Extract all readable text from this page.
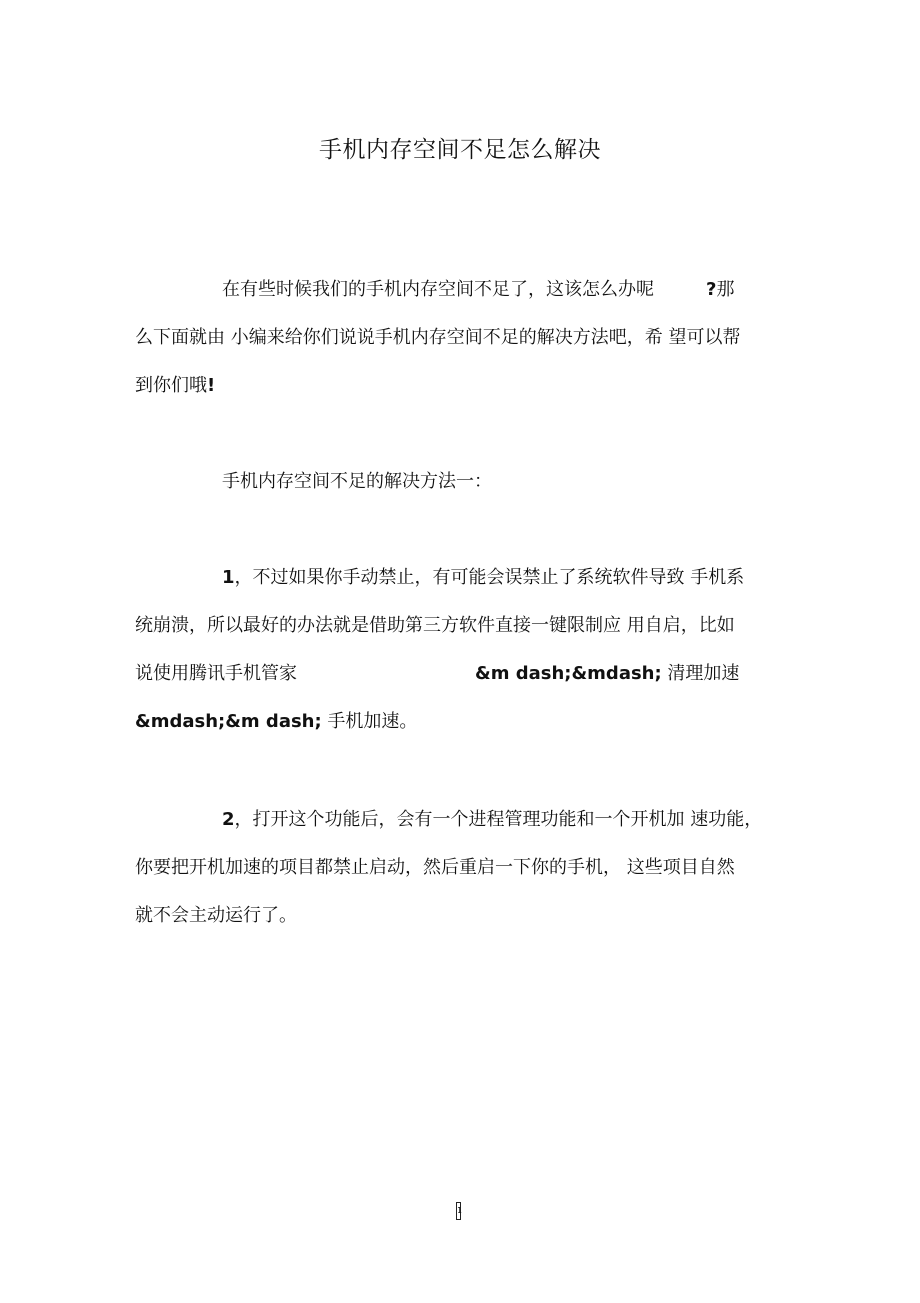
手机内存空间不足怎么解决
在有些时候我们的手机内存空间不足了，这该怎么办呢	?那
么下面就由 小编来给你们说说手机内存空间不足的解决方法吧，希 望可以帮
到你们哦!
手机内存空间不足的解决方法一：
1，不过如果你手动禁止，有可能会误禁止了系统软件导致 手机系
统崩溃，所以最好的办法就是借助第三方软件直接一键限制应 用自启，比如
说使用腾讯手机管家	&m dash;&mdash; 清理加速
&mdash;&m dash; 手机加速。
2，打开这个功能后，会有一个进程管理功能和一个开机加 速功能，
你要把开机加速的项目都禁止启动，然后重启一下你的手机， 这些项目自然
就不会主动运行了。
1
